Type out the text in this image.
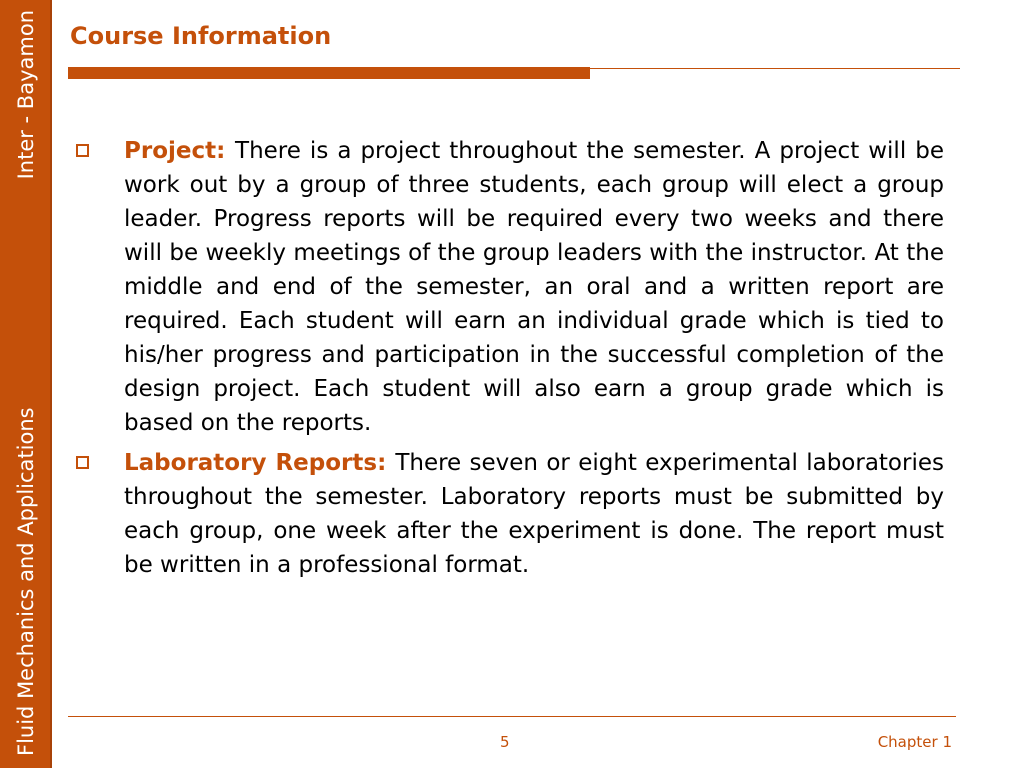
Fluid Mechanics and Applications
Inter - Bayamon Course Information
Project: There is a project throughout the semester. A project will be work out by a group of three students, each group will elect a group leader. Progress reports will be required every two weeks and there will be weekly meetings of the group leaders with the instructor. At the middle and end of the semester, an oral and a written report are required. Each student will earn an individual grade which is tied to his/her progress and participation in the successful completion of the design project. Each student will also earn a group grade which is based on the reports.
Laboratory Reports: There seven or eight experimental laboratories throughout the semester. Laboratory reports must be submitted by each group, one week after the experiment is done. The report must be written in a professional format.
5	Chapter 1
